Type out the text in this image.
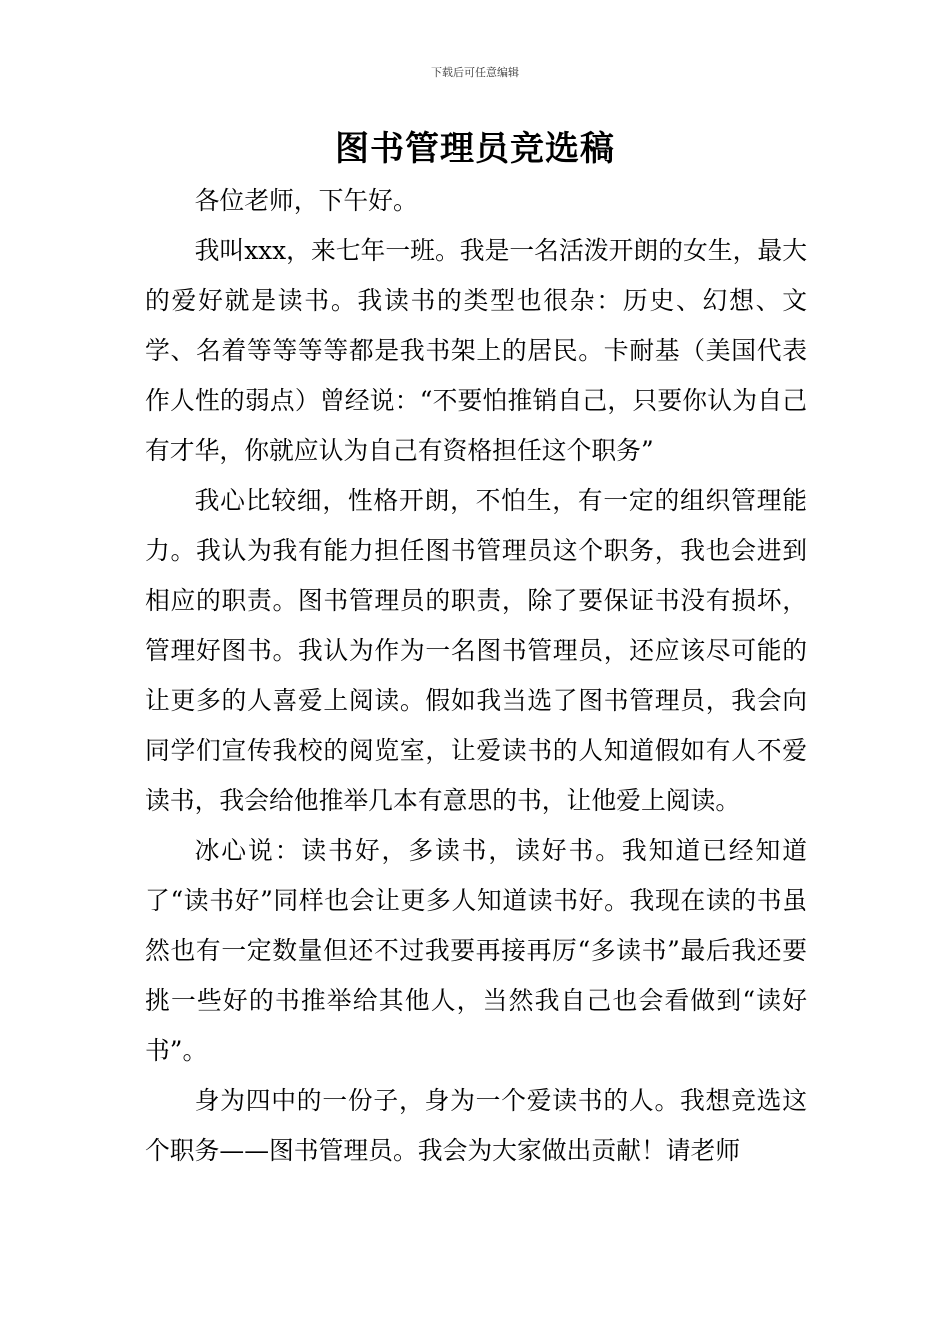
下载后可任意编辑
图书管理员竞选稿

各位老师，下午好。

我叫xxx，来七年一班。我是一名活泼开朗的女生，最大的爱好就是读书。我读书的类型也很杂：历史、幻想、文学、名着等等等等都是我书架上的居民。卡耐基（美国代表作人性的弱点）曾经说：“不要怕推销自己，只要你认为自己有才华，你就应认为自己有资格担任这个职务”

我心比较细，性格开朗，不怕生，有一定的组织管理能力。我认为我有能力担任图书管理员这个职务，我也会进到相应的职责。图书管理员的职责，除了要保证书没有损坏，管理好图书。我认为作为一名图书管理员，还应该尽可能的让更多的人喜爱上阅读。假如我当选了图书管理员，我会向同学们宣传我校的阅览室，让爱读书的人知道假如有人不爱读书，我会给他推举几本有意思的书，让他爱上阅读。

冰心说：读书好，多读书，读好书。我知道已经知道了“读书好”同样也会让更多人知道读书好。我现在读的书虽然也有一定数量但还不过我要再接再厉“多读书”最后我还要挑一些好的书推举给其他人，当然我自己也会看做到“读好书”。

身为四中的一份子，身为一个爱读书的人。我想竞选这个职务——图书管理员。我会为大家做出贡献！请老师
